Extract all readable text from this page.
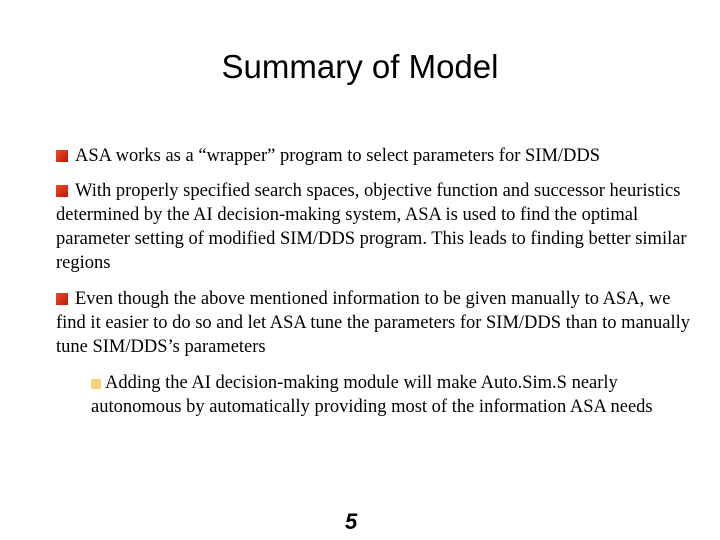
Summary of Model
ASA works as a “wrapper” program to select parameters for SIM/DDS
With properly specified search spaces, objective function and successor heuristics determined by the AI decision-making system, ASA is used to find the optimal parameter setting of modified SIM/DDS program. This leads to finding better similar regions
Even though the above mentioned information to be given manually to ASA, we find it easier to do so and let ASA tune the parameters for SIM/DDS than to manually tune SIM/DDS’s parameters
Adding the AI decision-making module will make Auto.Sim.S nearly autonomous by automatically providing most of the information ASA needs
5
